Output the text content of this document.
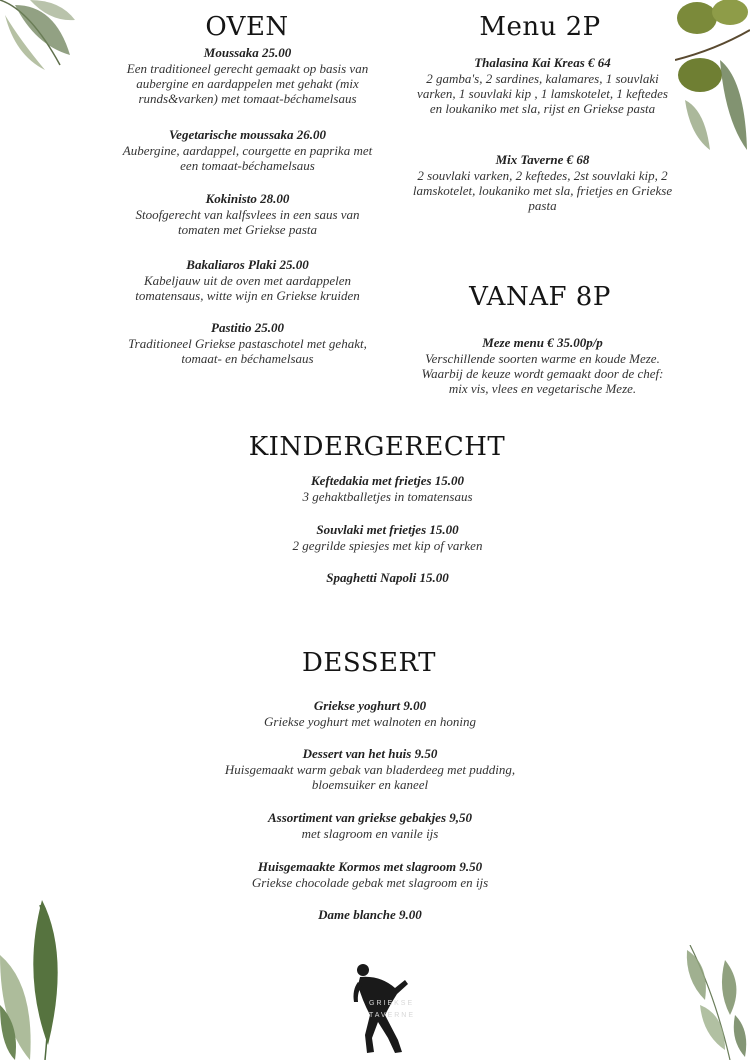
OVEN
Moussaka 25.00
Een traditioneel gerecht gemaakt op basis van
aubergine en aardappelen met gehakt (mix
runds&varken) met tomaat-béchamelsaus
Vegetarische moussaka 26.00
Aubergine, aardappel, courgette en paprika met
een tomaat-béchamelsaus
Kokinisto 28.00
Stoofgerecht van kalfsvlees in een saus van
tomaten met Griekse pasta
Bakaliaros Plaki 25.00
Kabeljauw uit de oven met aardappelen
tomatensaus, witte wijn en Griekse kruiden
Pastitio 25.00
Traditioneel Griekse pastaschotel met gehakt,
tomaat- en béchamelsaus
Menu 2P
Thalasina Kai Kreas € 64
2 gamba's, 2 sardines, kalamares, 1 souvlaki
varken, 1 souvlaki kip , 1 lamskotelet, 1 keftedes
en loukaniko met sla, rijst en Griekse pasta
Mix Taverne € 68
2 souvlaki varken, 2 keftedes, 2st souvlaki kip, 2
lamskotelet, loukaniko met sla, frietjes en Griekse
pasta
VANAF 8P
Meze menu € 35.00p/p
Verschillende soorten warme en koude Meze.
Waarbij de keuze wordt gemaakt door de chef:
mix vis, vlees en vegetarische Meze.
KINDERGERECHT
Keftedakia met frietjes 15.00
3 gehaktballetjes in tomatensaus
Souvlaki met frietjes 15.00
2 gegrilde spiesjes met kip of varken
Spaghetti Napoli 15.00
DESSERT
Griekse yoghurt 9.00
Griekse yoghurt met walnoten en honing
Dessert van het huis 9.50
Huisgemaakt warm gebak van bladerdeeg met pudding,
bloemsuiker en kaneel
Assortiment van griekse gebakjes 9,50
met slagroom en vanile ijs
Huisgemaakte Kormos met slagroom 9.50
Griekse chocolade gebak met slagroom en ijs
Dame blanche 9.00
GRIEKSE
TAVERNE
